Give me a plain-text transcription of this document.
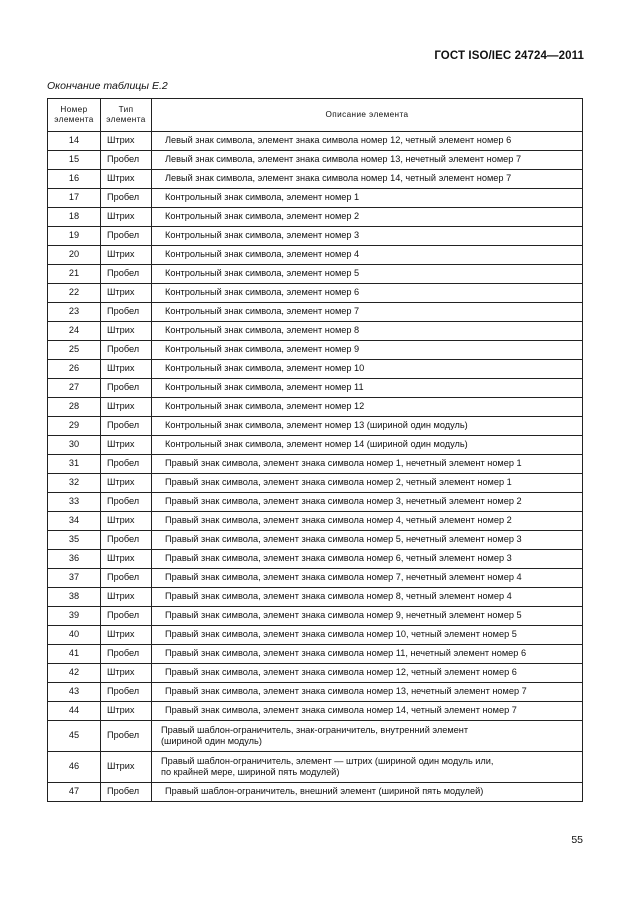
ГОСТ ISO/IEC 24724—2011
Окончание таблицы Е.2
Номер
элемента	Тип
элемента	Описание элемента
14	Штрих	Левый знак символа, элемент знака символа номер 12, четный элемент номер 6
15	Пробел	Левый знак символа, элемент знака символа номер 13, нечетный элемент номер 7
16	Штрих	Левый знак символа, элемент знака символа номер 14, четный элемент номер 7
17	Пробел	Контрольный знак символа, элемент номер 1
18	Штрих	Контрольный знак символа, элемент номер 2
19	Пробел	Контрольный знак символа, элемент номер 3
20	Штрих	Контрольный знак символа, элемент номер 4
21	Пробел	Контрольный знак символа, элемент номер 5
22	Штрих	Контрольный знак символа, элемент номер 6
23	Пробел	Контрольный знак символа, элемент номер 7
24	Штрих	Контрольный знак символа, элемент номер 8
25	Пробел	Контрольный знак символа, элемент номер 9
26	Штрих	Контрольный знак символа, элемент номер 10
27	Пробел	Контрольный знак символа, элемент номер 11
28	Штрих	Контрольный знак символа, элемент номер 12
29	Пробел	Контрольный знак символа, элемент номер 13 (шириной один модуль)
30	Штрих	Контрольный знак символа, элемент номер 14 (шириной один модуль)
31	Пробел	Правый знак символа, элемент знака символа номер 1, нечетный элемент номер 1
32	Штрих	Правый знак символа, элемент знака символа номер 2, четный элемент номер 1
33	Пробел	Правый знак символа, элемент знака символа номер 3, нечетный элемент номер 2
34	Штрих	Правый знак символа, элемент знака символа номер 4, четный элемент номер 2
35	Пробел	Правый знак символа, элемент знака символа номер 5, нечетный элемент номер 3
36	Штрих	Правый знак символа, элемент знака символа номер 6, четный элемент номер 3
37	Пробел	Правый знак символа, элемент знака символа номер 7, нечетный элемент номер 4
38	Штрих	Правый знак символа, элемент знака символа номер 8, четный элемент номер 4
39	Пробел	Правый знак символа, элемент знака символа номер 9, нечетный элемент номер 5
40	Штрих	Правый знак символа, элемент знака символа номер 10, четный элемент номер 5
41	Пробел	Правый знак символа, элемент знака символа номер 11, нечетный элемент номер 6
42	Штрих	Правый знак символа, элемент знака символа номер 12, четный элемент номер 6
43	Пробел	Правый знак символа, элемент знака символа номер 13, нечетный элемент номер 7
44	Штрих	Правый знак символа, элемент знака символа номер 14, четный элемент номер 7
45	Пробел	Правый шаблон-ограничитель, знак-ограничитель, внутренний элемент
(шириной один модуль)
46	Штрих	Правый шаблон-ограничитель, элемент — штрих (шириной один модуль или,
по крайней мере, шириной пять модулей)
47	Пробел	Правый шаблон-ограничитель, внешний элемент (шириной пять модулей)
55
